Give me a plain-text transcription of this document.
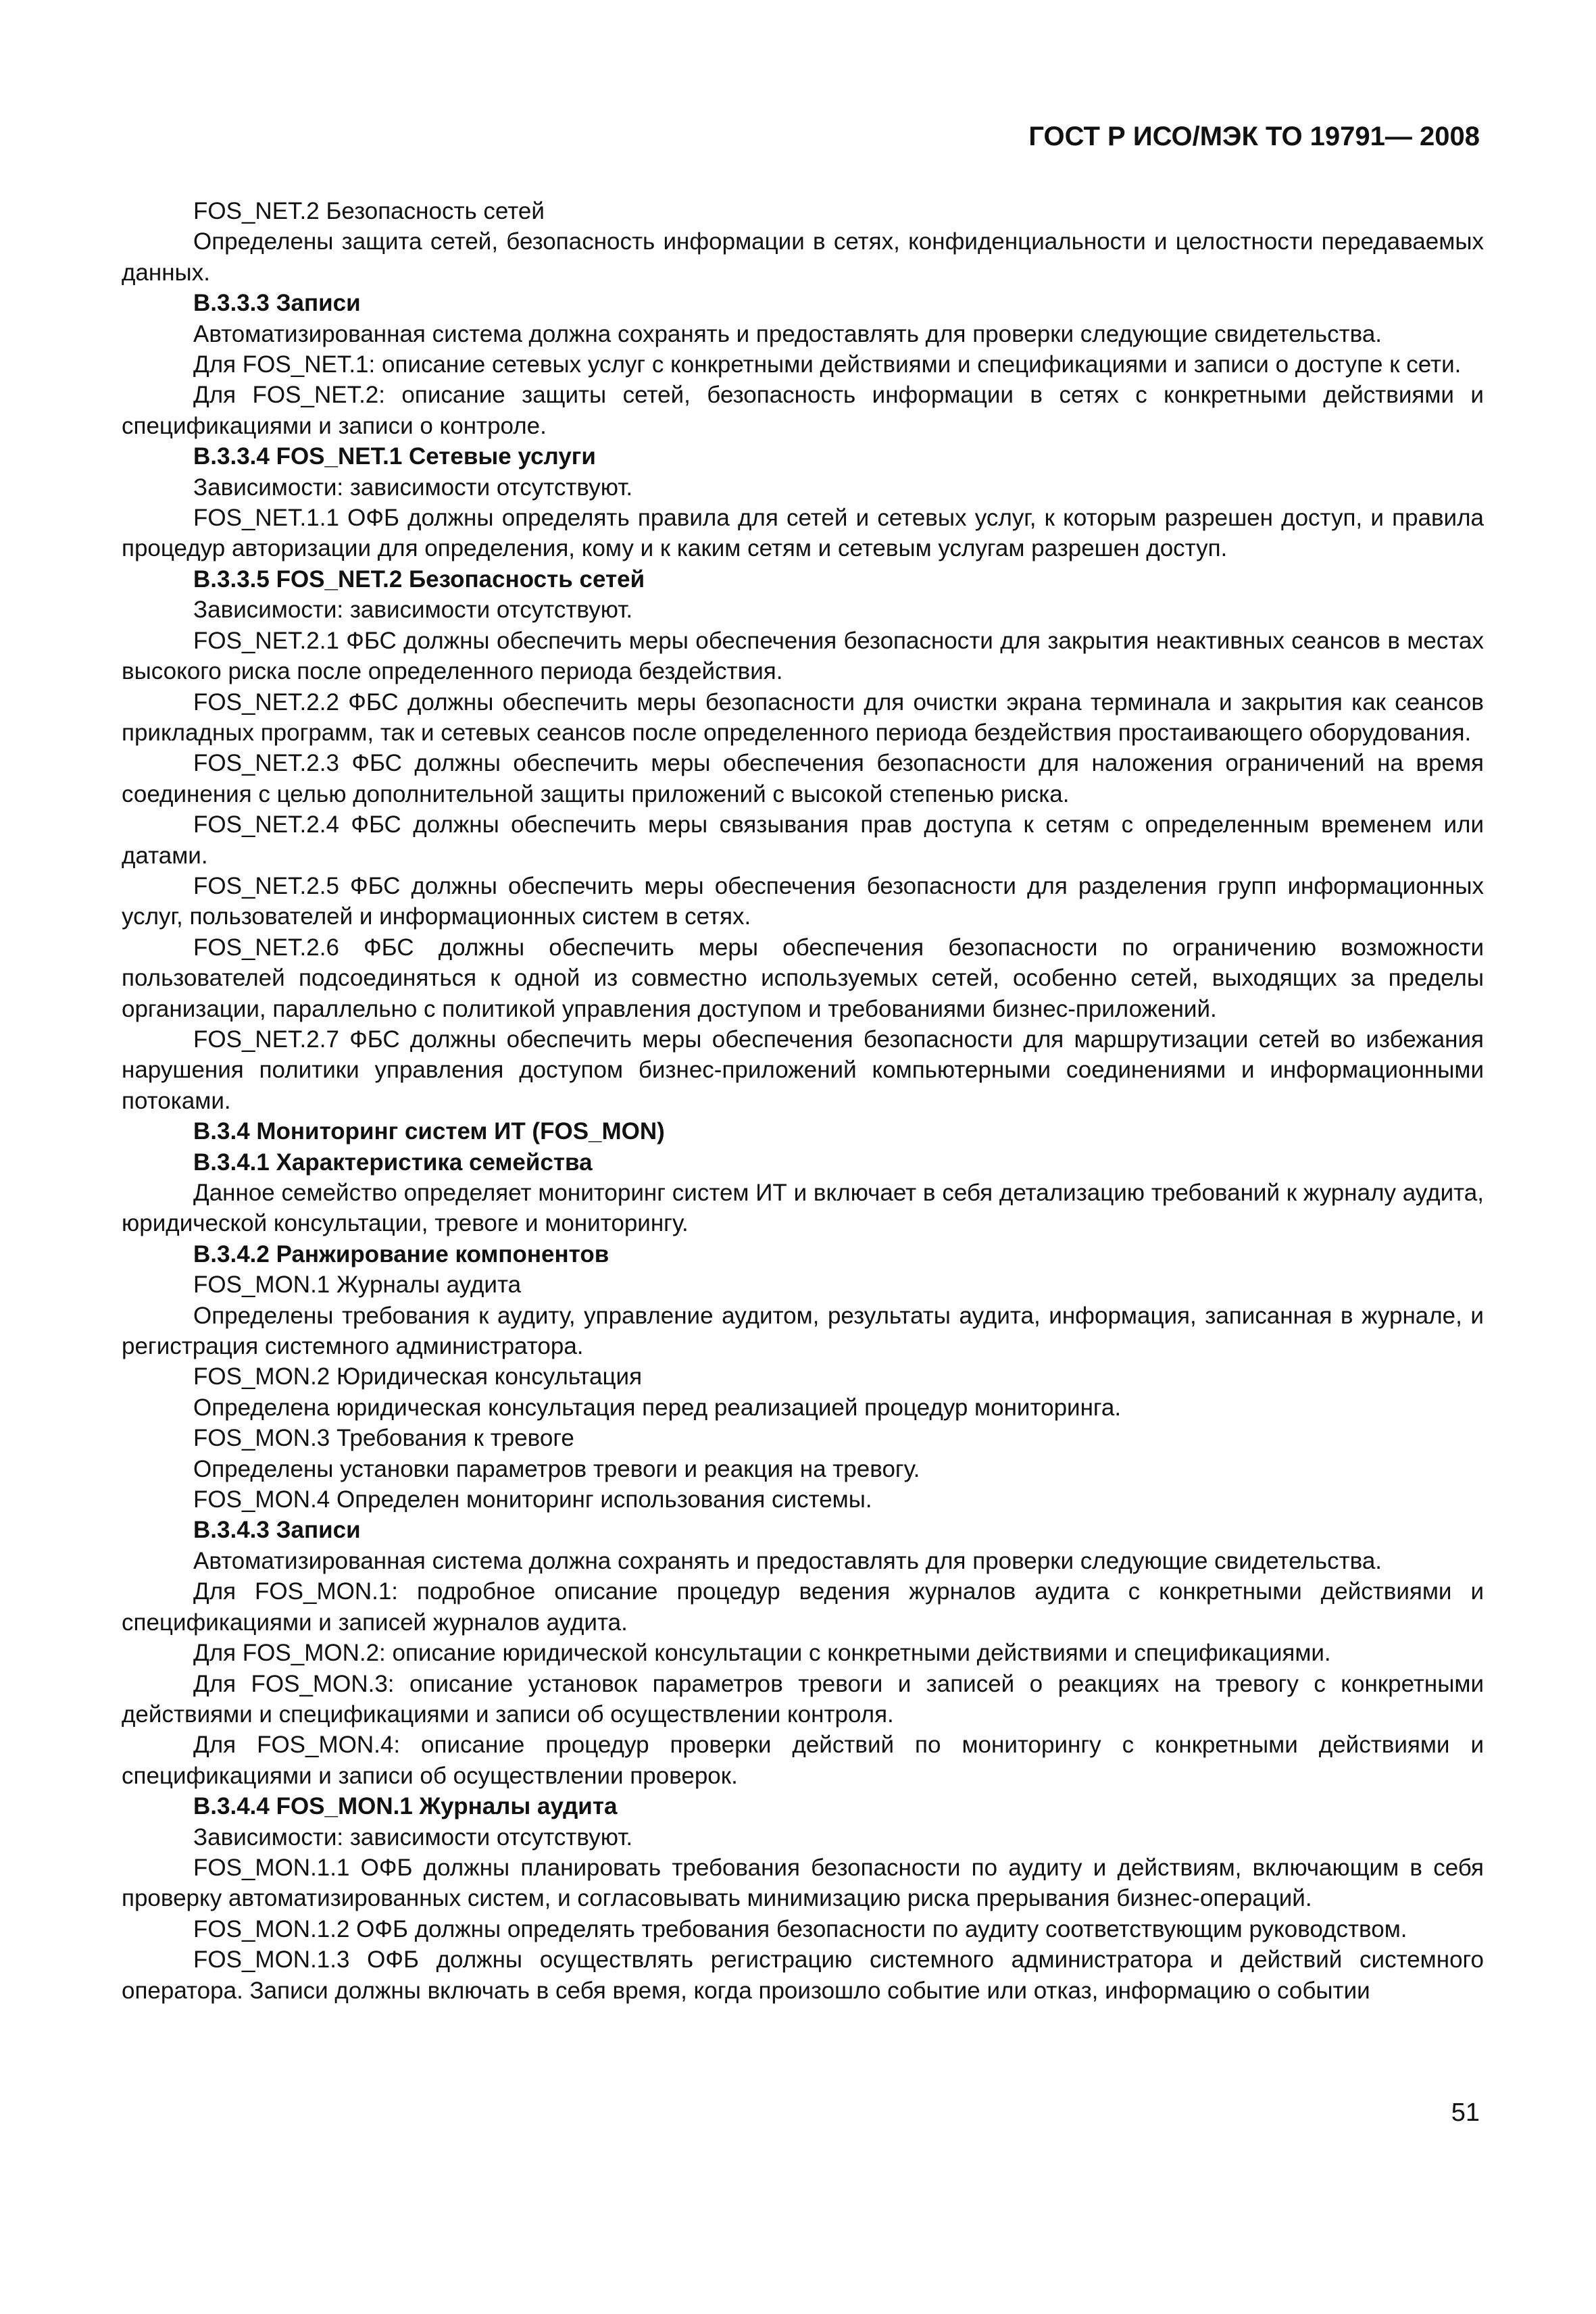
ГОСТ Р ИСО/МЭК ТО 19791— 2008

FOS_NET.2 Безопасность сетей

Определены защита сетей, безопасность информации в сетях, конфиденциальности и целостности передаваемых данных.

В.3.3.3 Записи

Автоматизированная система должна сохранять и предоставлять для проверки следующие свидетельства.

Для FOS_NET.1: описание сетевых услуг с конкретными действиями и спецификациями и записи о доступе к сети.

Для FOS_NET.2: описание защиты сетей, безопасность информации в сетях с конкретными действиями и спецификациями и записи о контроле.

В.3.3.4 FOS_NET.1 Сетевые услуги

Зависимости: зависимости отсутствуют.

FOS_NET.1.1 ОФБ должны определять правила для сетей и сетевых услуг, к которым разрешен доступ, и правила процедур авторизации для определения, кому и к каким сетям и сетевым услугам разрешен доступ.

В.3.3.5 FOS_NET.2 Безопасность сетей

Зависимости: зависимости отсутствуют.

FOS_NET.2.1 ФБС должны обеспечить меры обеспечения безопасности для закрытия неактивных сеансов в местах высокого риска после определенного периода бездействия.

FOS_NET.2.2 ФБС должны обеспечить меры безопасности для очистки экрана терминала и закрытия как сеансов прикладных программ, так и сетевых сеансов после определенного периода бездействия простаивающего оборудования.

FOS_NET.2.3 ФБС должны обеспечить меры обеспечения безопасности для наложения ограничений на время соединения с целью дополнительной защиты приложений с высокой степенью риска.

FOS_NET.2.4 ФБС должны обеспечить меры связывания прав доступа к сетям с определенным временем или датами.

FOS_NET.2.5 ФБС должны обеспечить меры обеспечения безопасности для разделения групп информационных услуг, пользователей и информационных систем в сетях.

FOS_NET.2.6 ФБС должны обеспечить меры обеспечения безопасности по ограничению возможности пользователей подсоединяться к одной из совместно используемых сетей, особенно сетей, выходящих за пределы организации, параллельно с политикой управления доступом и требованиями бизнес-приложений.

FOS_NET.2.7 ФБС должны обеспечить меры обеспечения безопасности для маршрутизации сетей во избежания нарушения политики управления доступом бизнес-приложений компьютерными соединениями и информационными потоками.

В.3.4 Мониторинг систем ИТ (FOS_MON)

В.3.4.1 Характеристика семейства

Данное семейство определяет мониторинг систем ИТ и включает в себя детализацию требований к журналу аудита, юридической консультации, тревоге и мониторингу.

В.3.4.2 Ранжирование компонентов

FOS_MON.1 Журналы аудита

Определены требования к аудиту, управление аудитом, результаты аудита, информация, записанная в журнале, и регистрация системного администратора.

FOS_MON.2 Юридическая консультация

Определена юридическая консультация перед реализацией процедур мониторинга.

FOS_MON.3 Требования к тревоге

Определены установки параметров тревоги и реакция на тревогу.

FOS_MON.4 Определен мониторинг использования системы.

В.3.4.3 Записи

Автоматизированная система должна сохранять и предоставлять для проверки следующие свидетельства.

Для FOS_MON.1: подробное описание процедур ведения журналов аудита с конкретными действиями и спецификациями и записей журналов аудита.

Для FOS_MON.2: описание юридической консультации с конкретными действиями и спецификациями.

Для FOS_MON.3: описание установок параметров тревоги и записей о реакциях на тревогу с конкретными действиями и спецификациями и записи об осуществлении контроля.

Для FOS_MON.4: описание процедур проверки действий по мониторингу с конкретными действиями и спецификациями и записи об осуществлении проверок.

В.3.4.4 FOS_MON.1 Журналы аудита

Зависимости: зависимости отсутствуют.

FOS_MON.1.1 ОФБ должны планировать требования безопасности по аудиту и действиям, включающим в себя проверку автоматизированных систем, и согласовывать минимизацию риска прерывания бизнес-операций.

FOS_MON.1.2 ОФБ должны определять требования безопасности по аудиту соответствующим руководством.

FOS_MON.1.3 ОФБ должны осуществлять регистрацию системного администратора и действий системного оператора. Записи должны включать в себя время, когда произошло событие или отказ, информацию о событии

51
